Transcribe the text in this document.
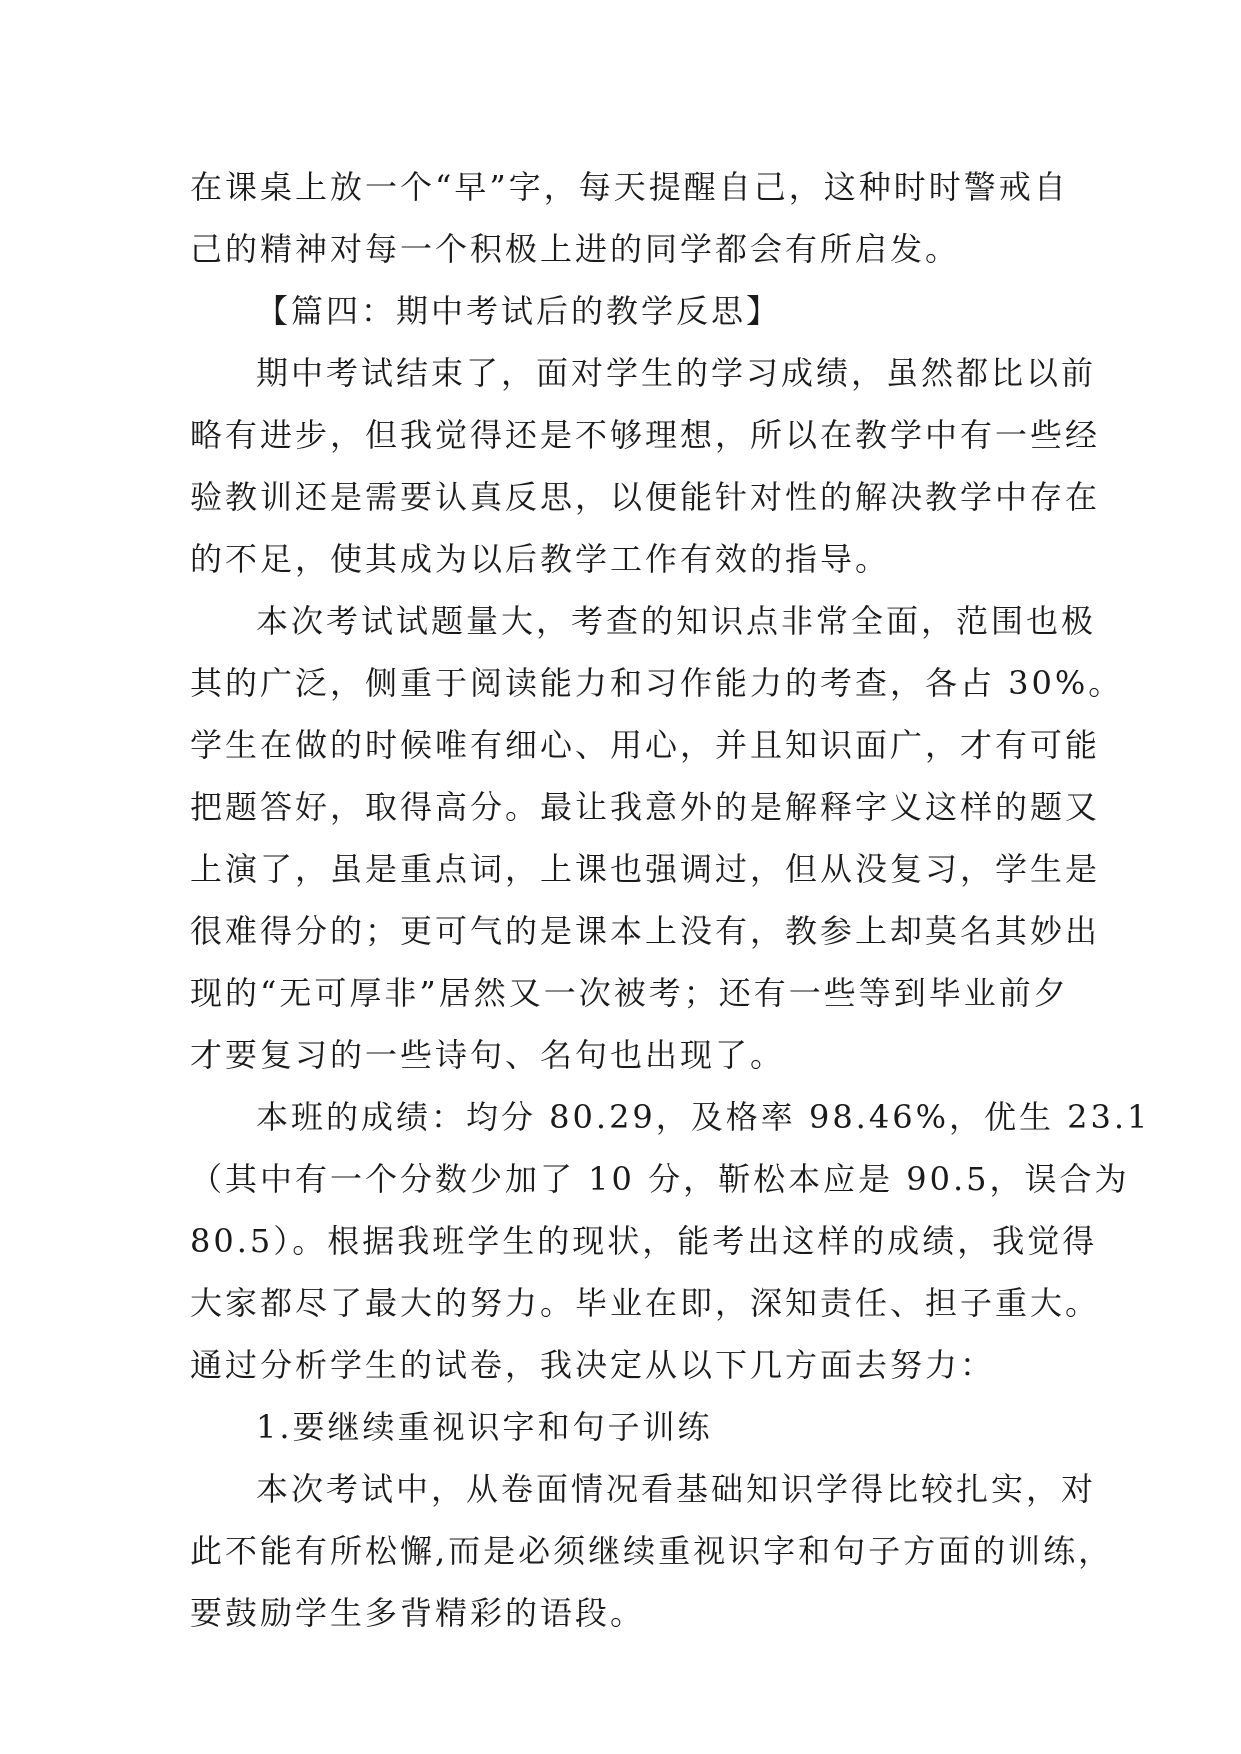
在课桌上放一个“早”字，每天提醒自己，这种时时警戒自
己的精神对每一个积极上进的同学都会有所启发。
【篇四：期中考试后的教学反思】
期中考试结束了，面对学生的学习成绩，虽然都比以前
略有进步，但我觉得还是不够理想，所以在教学中有一些经
验教训还是需要认真反思，以便能针对性的解决教学中存在
的不足，使其成为以后教学工作有效的指导。
本次考试试题量大，考查的知识点非常全面，范围也极
其的广泛，侧重于阅读能力和习作能力的考查，各占 30%。
学生在做的时候唯有细心、用心，并且知识面广，才有可能
把题答好，取得高分。最让我意外的是解释字义这样的题又
上演了，虽是重点词，上课也强调过，但从没复习，学生是
很难得分的；更可气的是课本上没有，教参上却莫名其妙出
现的“无可厚非”居然又一次被考；还有一些等到毕业前夕
才要复习的一些诗句、名句也出现了。
本班的成绩：均分 80.29，及格率 98.46%，优生 23.1
（其中有一个分数少加了 10 分，靳松本应是 90.5，误合为
80.5）。根据我班学生的现状，能考出这样的成绩，我觉得
大家都尽了最大的努力。毕业在即，深知责任、担子重大。
通过分析学生的试卷，我决定从以下几方面去努力：
1.要继续重视识字和句子训练
本次考试中，从卷面情况看基础知识学得比较扎实，对
此不能有所松懈,而是必须继续重视识字和句子方面的训练，
要鼓励学生多背精彩的语段。
